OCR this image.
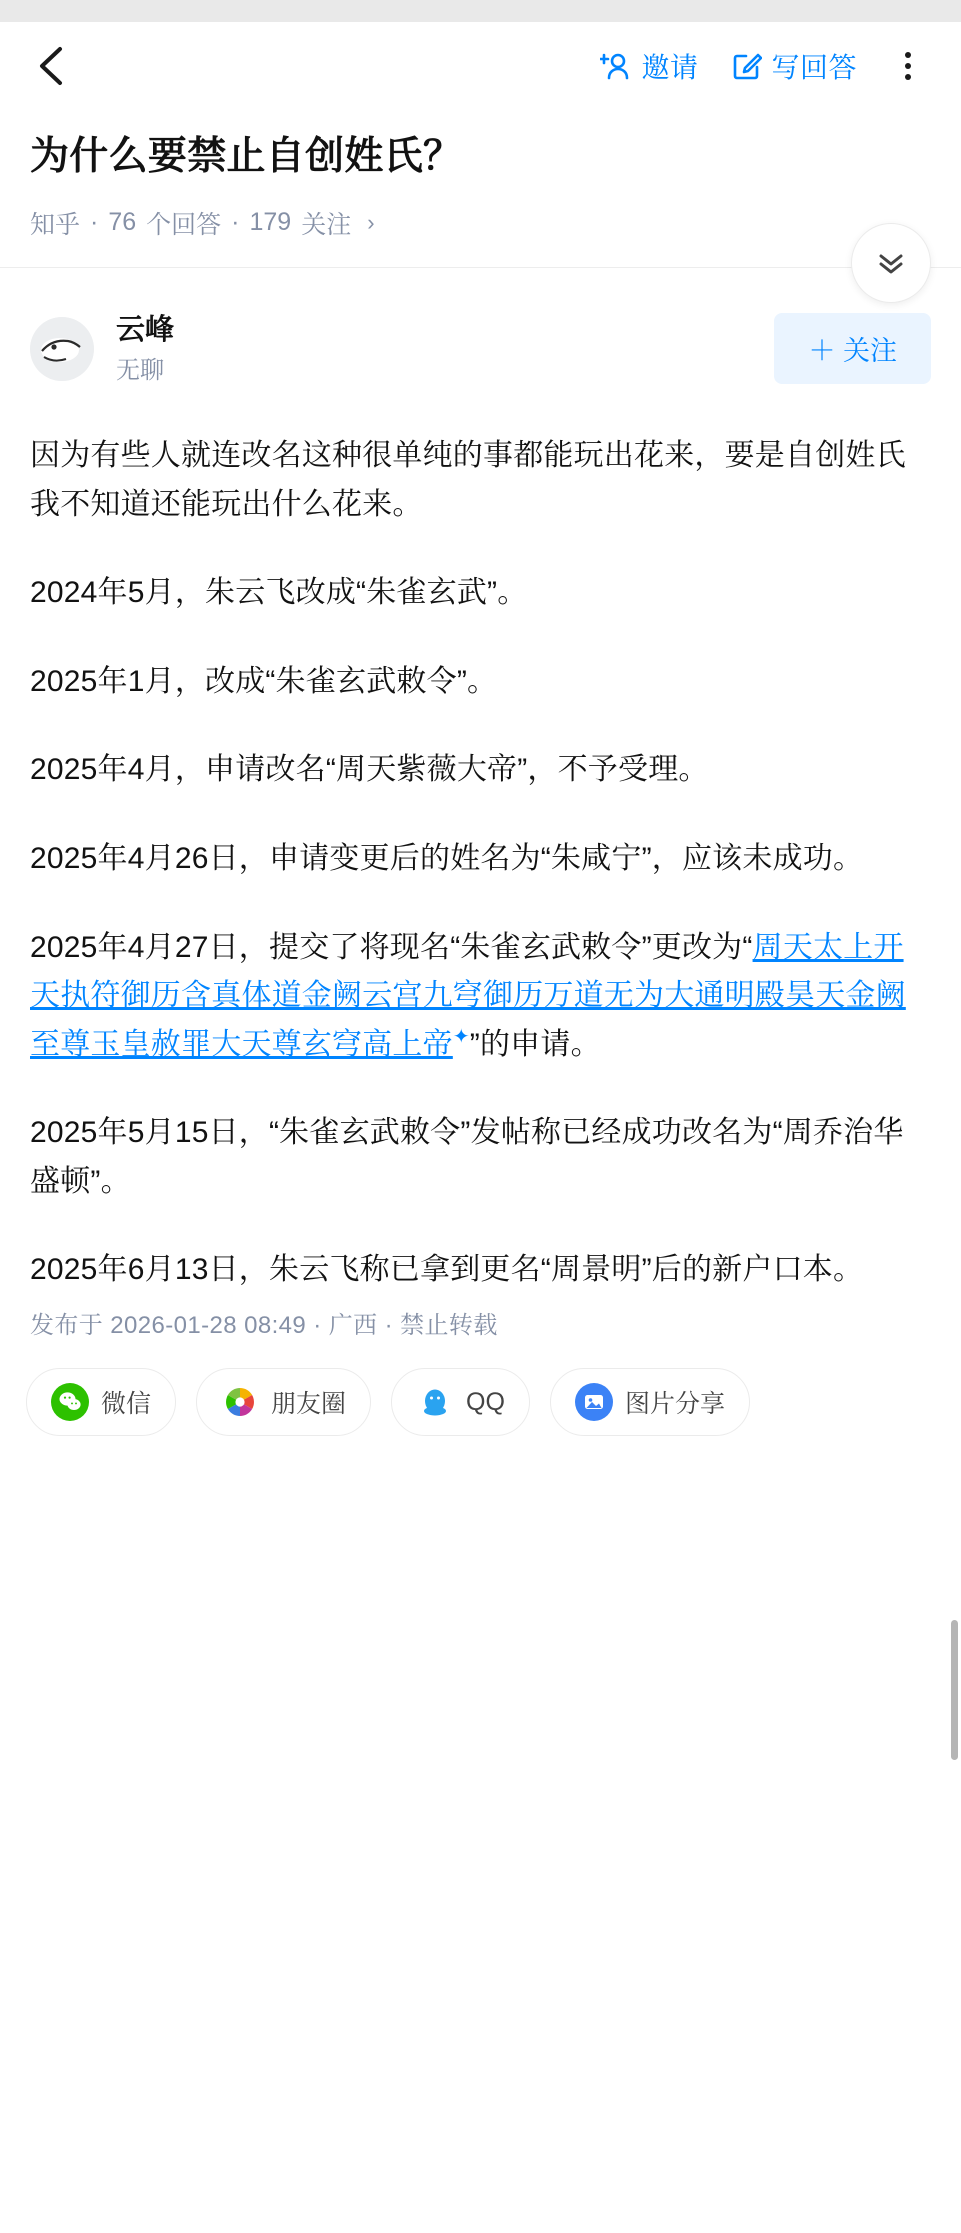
邀请	写回答
为什么要禁止自创姓氏？
知乎 · 76 个回答 · 179 关注 ›
云峰
无聊
＋ 关注

因为有些人就连改名这种很单纯的事都能玩出花来，要是自创姓氏我不知道还能玩出什么花来。

2024年5月，朱云飞改成“朱雀玄武”。

2025年1月，改成“朱雀玄武敕令”。

2025年4月，申请改名“周天紫薇大帝”，不予受理。

2025年4月26日，申请变更后的姓名为“朱咸宁”，应该未成功。

2025年4月27日，提交了将现名“朱雀玄武敕令”更改为“周天太上开天执符御历含真体道金阙云宫九穹御历万道无为大通明殿昊天金阙至尊玉皇赦罪大天尊玄穹高上帝✦”的申请。

2025年5月15日，“朱雀玄武敕令”发帖称已经成功改名为“周乔治华盛顿”。

2025年6月13日，朱云飞称已拿到更名“周景明”后的新户口本。

发布于 2026-01-28 08:49 · 广西 · 禁止转载
微信	朋友圈	QQ	图片分享
